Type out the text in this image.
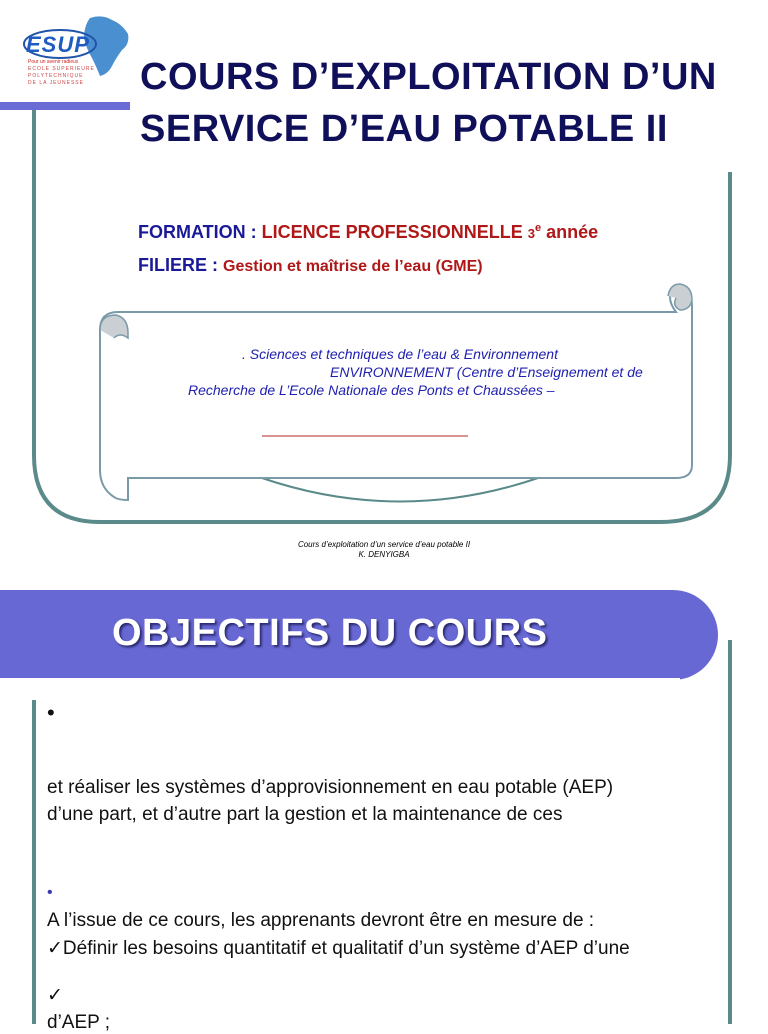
ESUP
Pour un avenir radieux
ECOLE SUPERIEURE
POLYTECHNIQUE
DE LA JEUNESSE COURS D’EXPLOITATION D’UN
SERVICE D’EAU POTABLE II
FORMATION : LICENCE PROFESSIONNELLE 3e année
FILIERE : Gestion et maîtrise de l’eau (GME)
. Sciences et techniques de l’eau & Environnement
ENVIRONNEMENT (Centre d’Enseignement et de
Recherche de L’Ecole Nationale des Ponts et Chaussées –
Cours d’exploitation d’un service d’eau potable II
K. DENYIGBA
OBJECTIFS DU COURS
•
et réaliser les systèmes d’approvisionnement en eau potable (AEP)
d’une part, et d’autre part la gestion et la maintenance de ces
•
A l’issue de ce cours, les apprenants devront être en mesure de :
✓Définir les besoins quantitatif et qualitatif d’un système d’AEP d’une
✓
d’AEP ;
